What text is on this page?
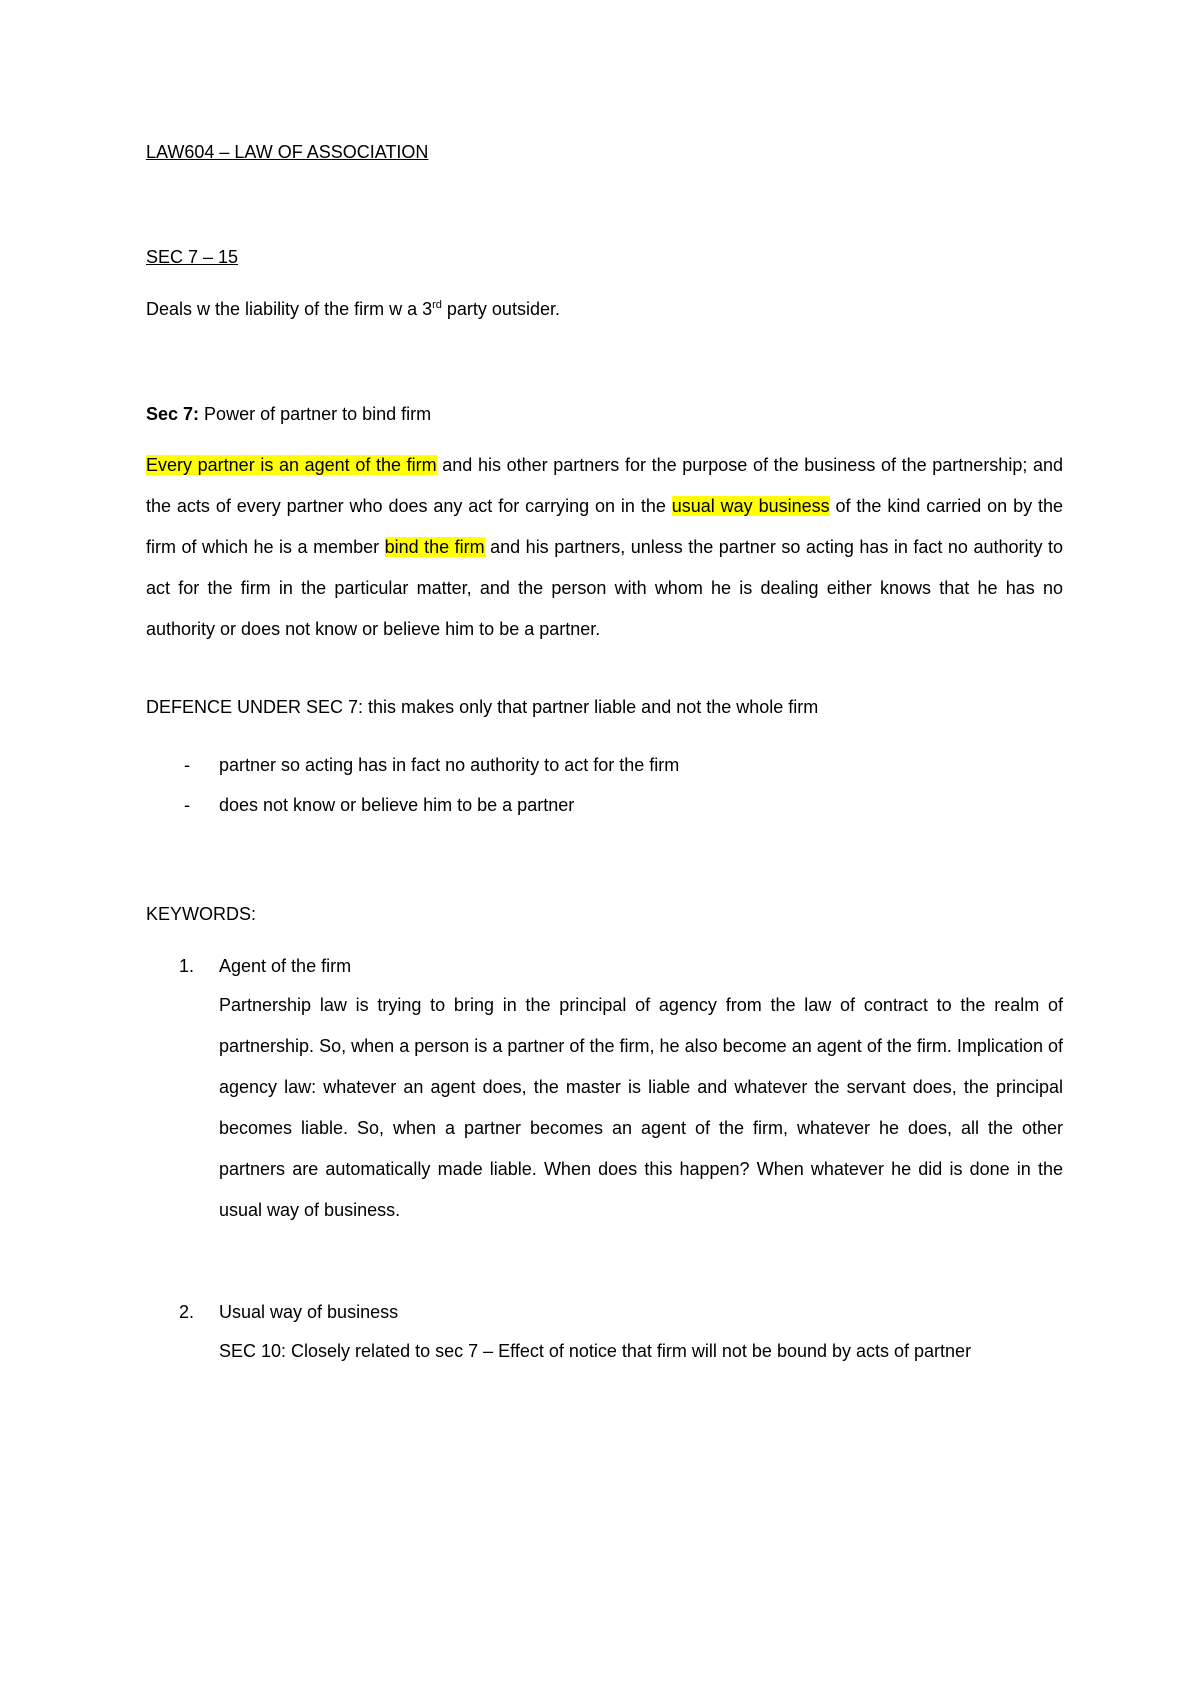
LAW604 – LAW OF ASSOCIATION

SEC 7 – 15

Deals w the liability of the firm w a 3rd party outsider.

Sec 7: Power of partner to bind firm

Every partner is an agent of the firm and his other partners for the purpose of the business of the partnership; and the acts of every partner who does any act for carrying on in the usual way business of the kind carried on by the firm of which he is a member bind the firm and his partners, unless the partner so acting has in fact no authority to act for the firm in the particular matter, and the person with whom he is dealing either knows that he has no authority or does not know or believe him to be a partner.

DEFENCE UNDER SEC 7: this makes only that partner liable and not the whole firm

- partner so acting has in fact no authority to act for the firm
- does not know or believe him to be a partner

KEYWORDS:

1. Agent of the firm

Partnership law is trying to bring in the principal of agency from the law of contract to the realm of partnership. So, when a person is a partner of the firm, he also become an agent of the firm. Implication of agency law: whatever an agent does, the master is liable and whatever the servant does, the principal becomes liable. So, when a partner becomes an agent of the firm, whatever he does, all the other partners are automatically made liable. When does this happen? When whatever he did is done in the usual way of business.

2. Usual way of business

SEC 10: Closely related to sec 7 – Effect of notice that firm will not be bound by acts of partner
